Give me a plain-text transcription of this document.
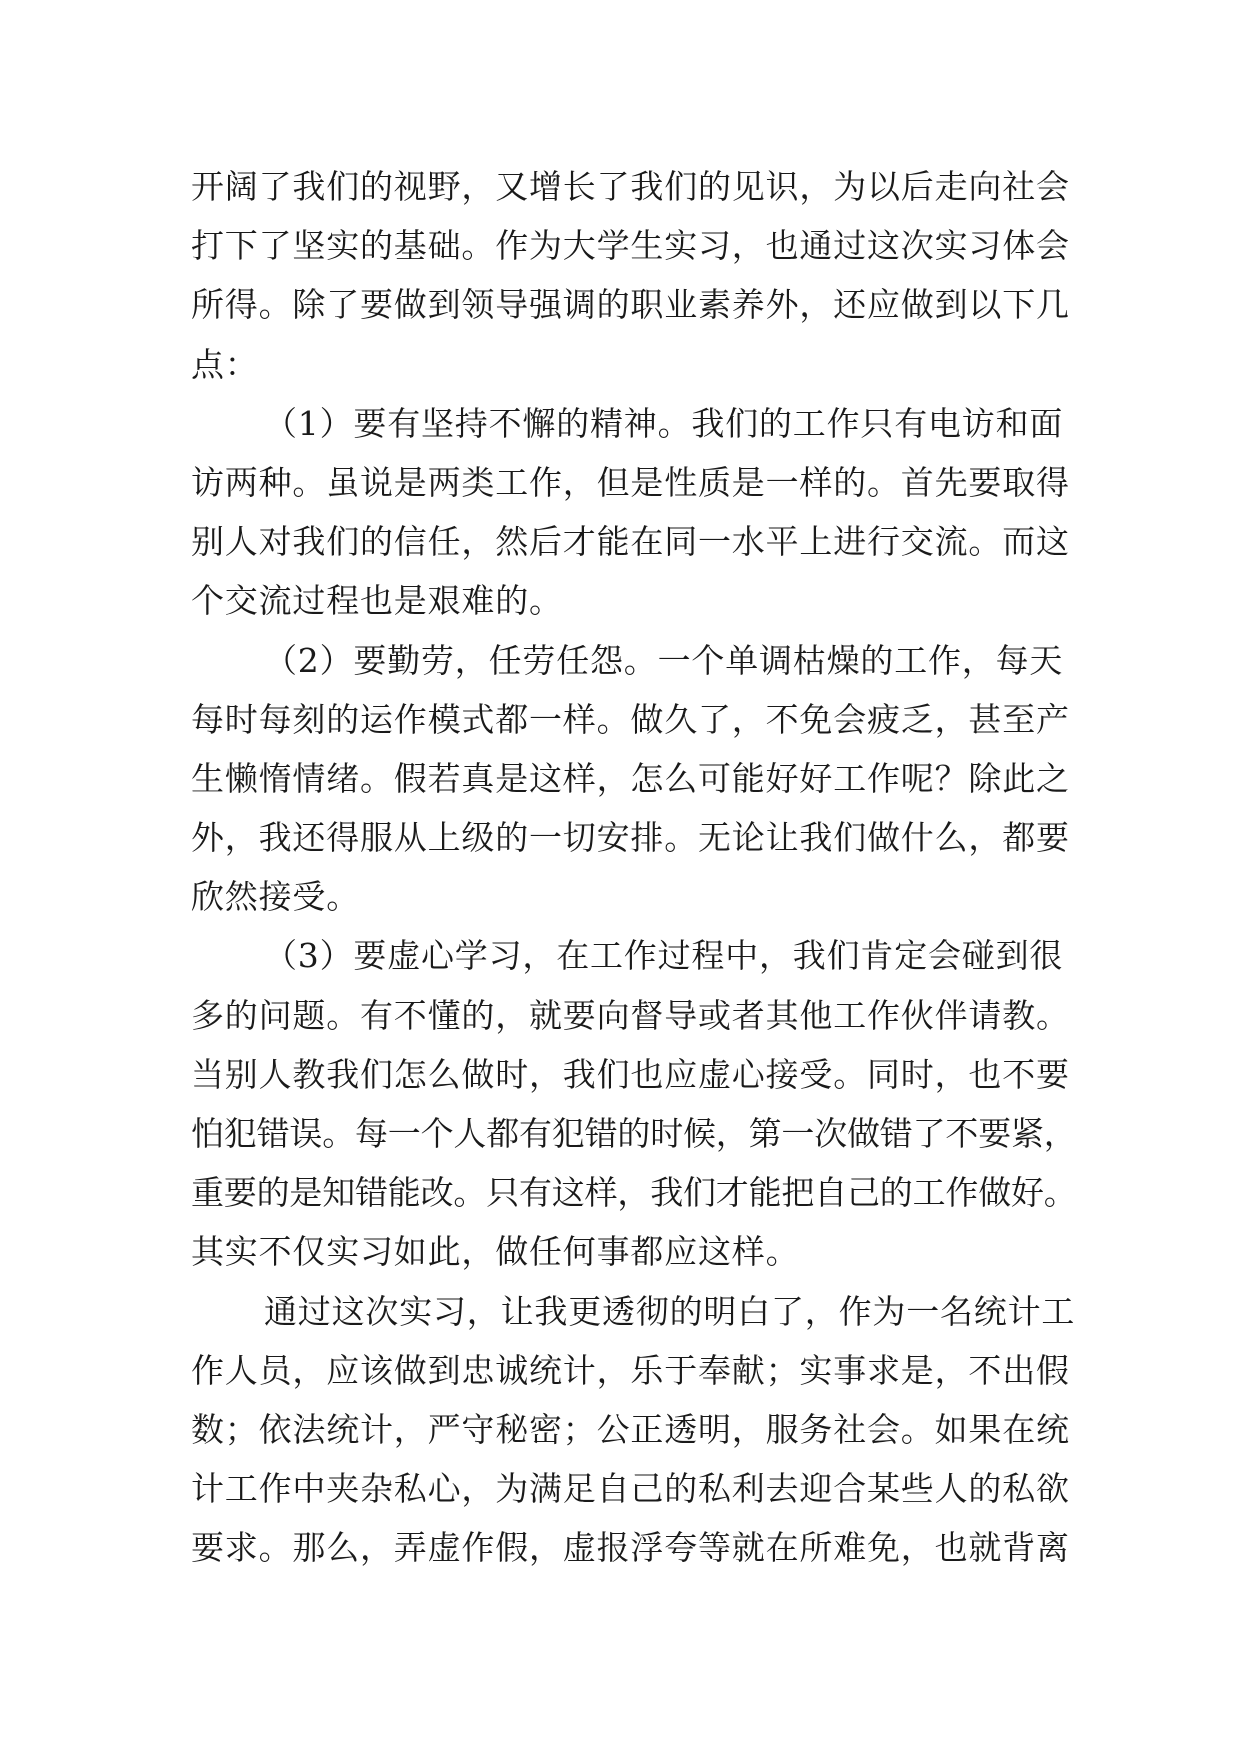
开阔了我们的视野，又增长了我们的见识，为以后走向社会
打下了坚实的基础。作为大学生实习，也通过这次实习体会
所得。除了要做到领导强调的职业素养外，还应做到以下几
点：
（1）要有坚持不懈的精神。我们的工作只有电访和面
访两种。虽说是两类工作，但是性质是一样的。首先要取得
别人对我们的信任，然后才能在同一水平上进行交流。而这
个交流过程也是艰难的。
（2）要勤劳，任劳任怨。一个单调枯燥的工作，每天
每时每刻的运作模式都一样。做久了，不免会疲乏，甚至产
生懒惰情绪。假若真是这样，怎么可能好好工作呢？除此之
外，我还得服从上级的一切安排。无论让我们做什么，都要
欣然接受。
（3）要虚心学习，在工作过程中，我们肯定会碰到很
多的问题。有不懂的，就要向督导或者其他工作伙伴请教。
当别人教我们怎么做时，我们也应虚心接受。同时，也不要
怕犯错误。每一个人都有犯错的时候，第一次做错了不要紧，
重要的是知错能改。只有这样，我们才能把自己的工作做好。
其实不仅实习如此，做任何事都应这样。
通过这次实习，让我更透彻的明白了，作为一名统计工
作人员，应该做到忠诚统计，乐于奉献；实事求是，不出假
数；依法统计，严守秘密；公正透明，服务社会。如果在统
计工作中夹杂私心，为满足自己的私利去迎合某些人的私欲
要求。那么，弄虚作假，虚报浮夸等就在所难免，也就背离
